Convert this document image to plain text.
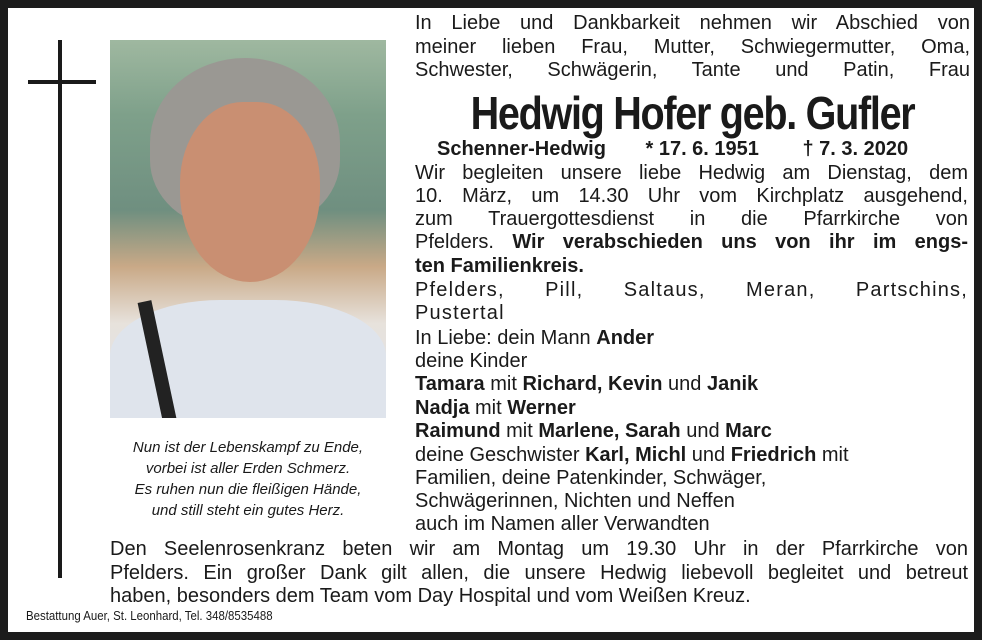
Nun ist der Lebenskampf zu Ende,
vorbei ist aller Erden Schmerz.
Es ruhen nun die fleißigen Hände,
und still steht ein gutes Herz.
In Liebe und Dankbarkeit nehmen wir Abschied von
meiner lieben Frau, Mutter, Schwiegermutter, Oma,
Schwester, Schwägerin, Tante und Patin, Frau
Hedwig Hofer geb. Gufler
Schenner-Hedwig * 17. 6. 1951 † 7. 3. 2020
Wir begleiten unsere liebe Hedwig am Dienstag, dem
10. März, um 14.30 Uhr vom Kirchplatz ausgehend,
zum Trauergottesdienst in die Pfarrkirche von
Pfelders. Wir verabschieden uns von ihr im engs-
ten Familienkreis.
Pfelders, Pill, Saltaus, Meran, Partschins,
Pustertal
In Liebe: dein Mann Ander
deine Kinder
Tamara mit Richard, Kevin und Janik
Nadja mit Werner
Raimund mit Marlene, Sarah und Marc
deine Geschwister Karl, Michl und Friedrich mit
Familien, deine Patenkinder, Schwäger,
Schwägerinnen, Nichten und Neffen
auch im Namen aller Verwandten
Den Seelenrosenkranz beten wir am Montag um 19.30 Uhr in der Pfarrkirche von
Pfelders. Ein großer Dank gilt allen, die unsere Hedwig liebevoll begleitet und betreut
haben, besonders dem Team vom Day Hospital und vom Weißen Kreuz.
Bestattung Auer, St. Leonhard, Tel. 348/8535488
